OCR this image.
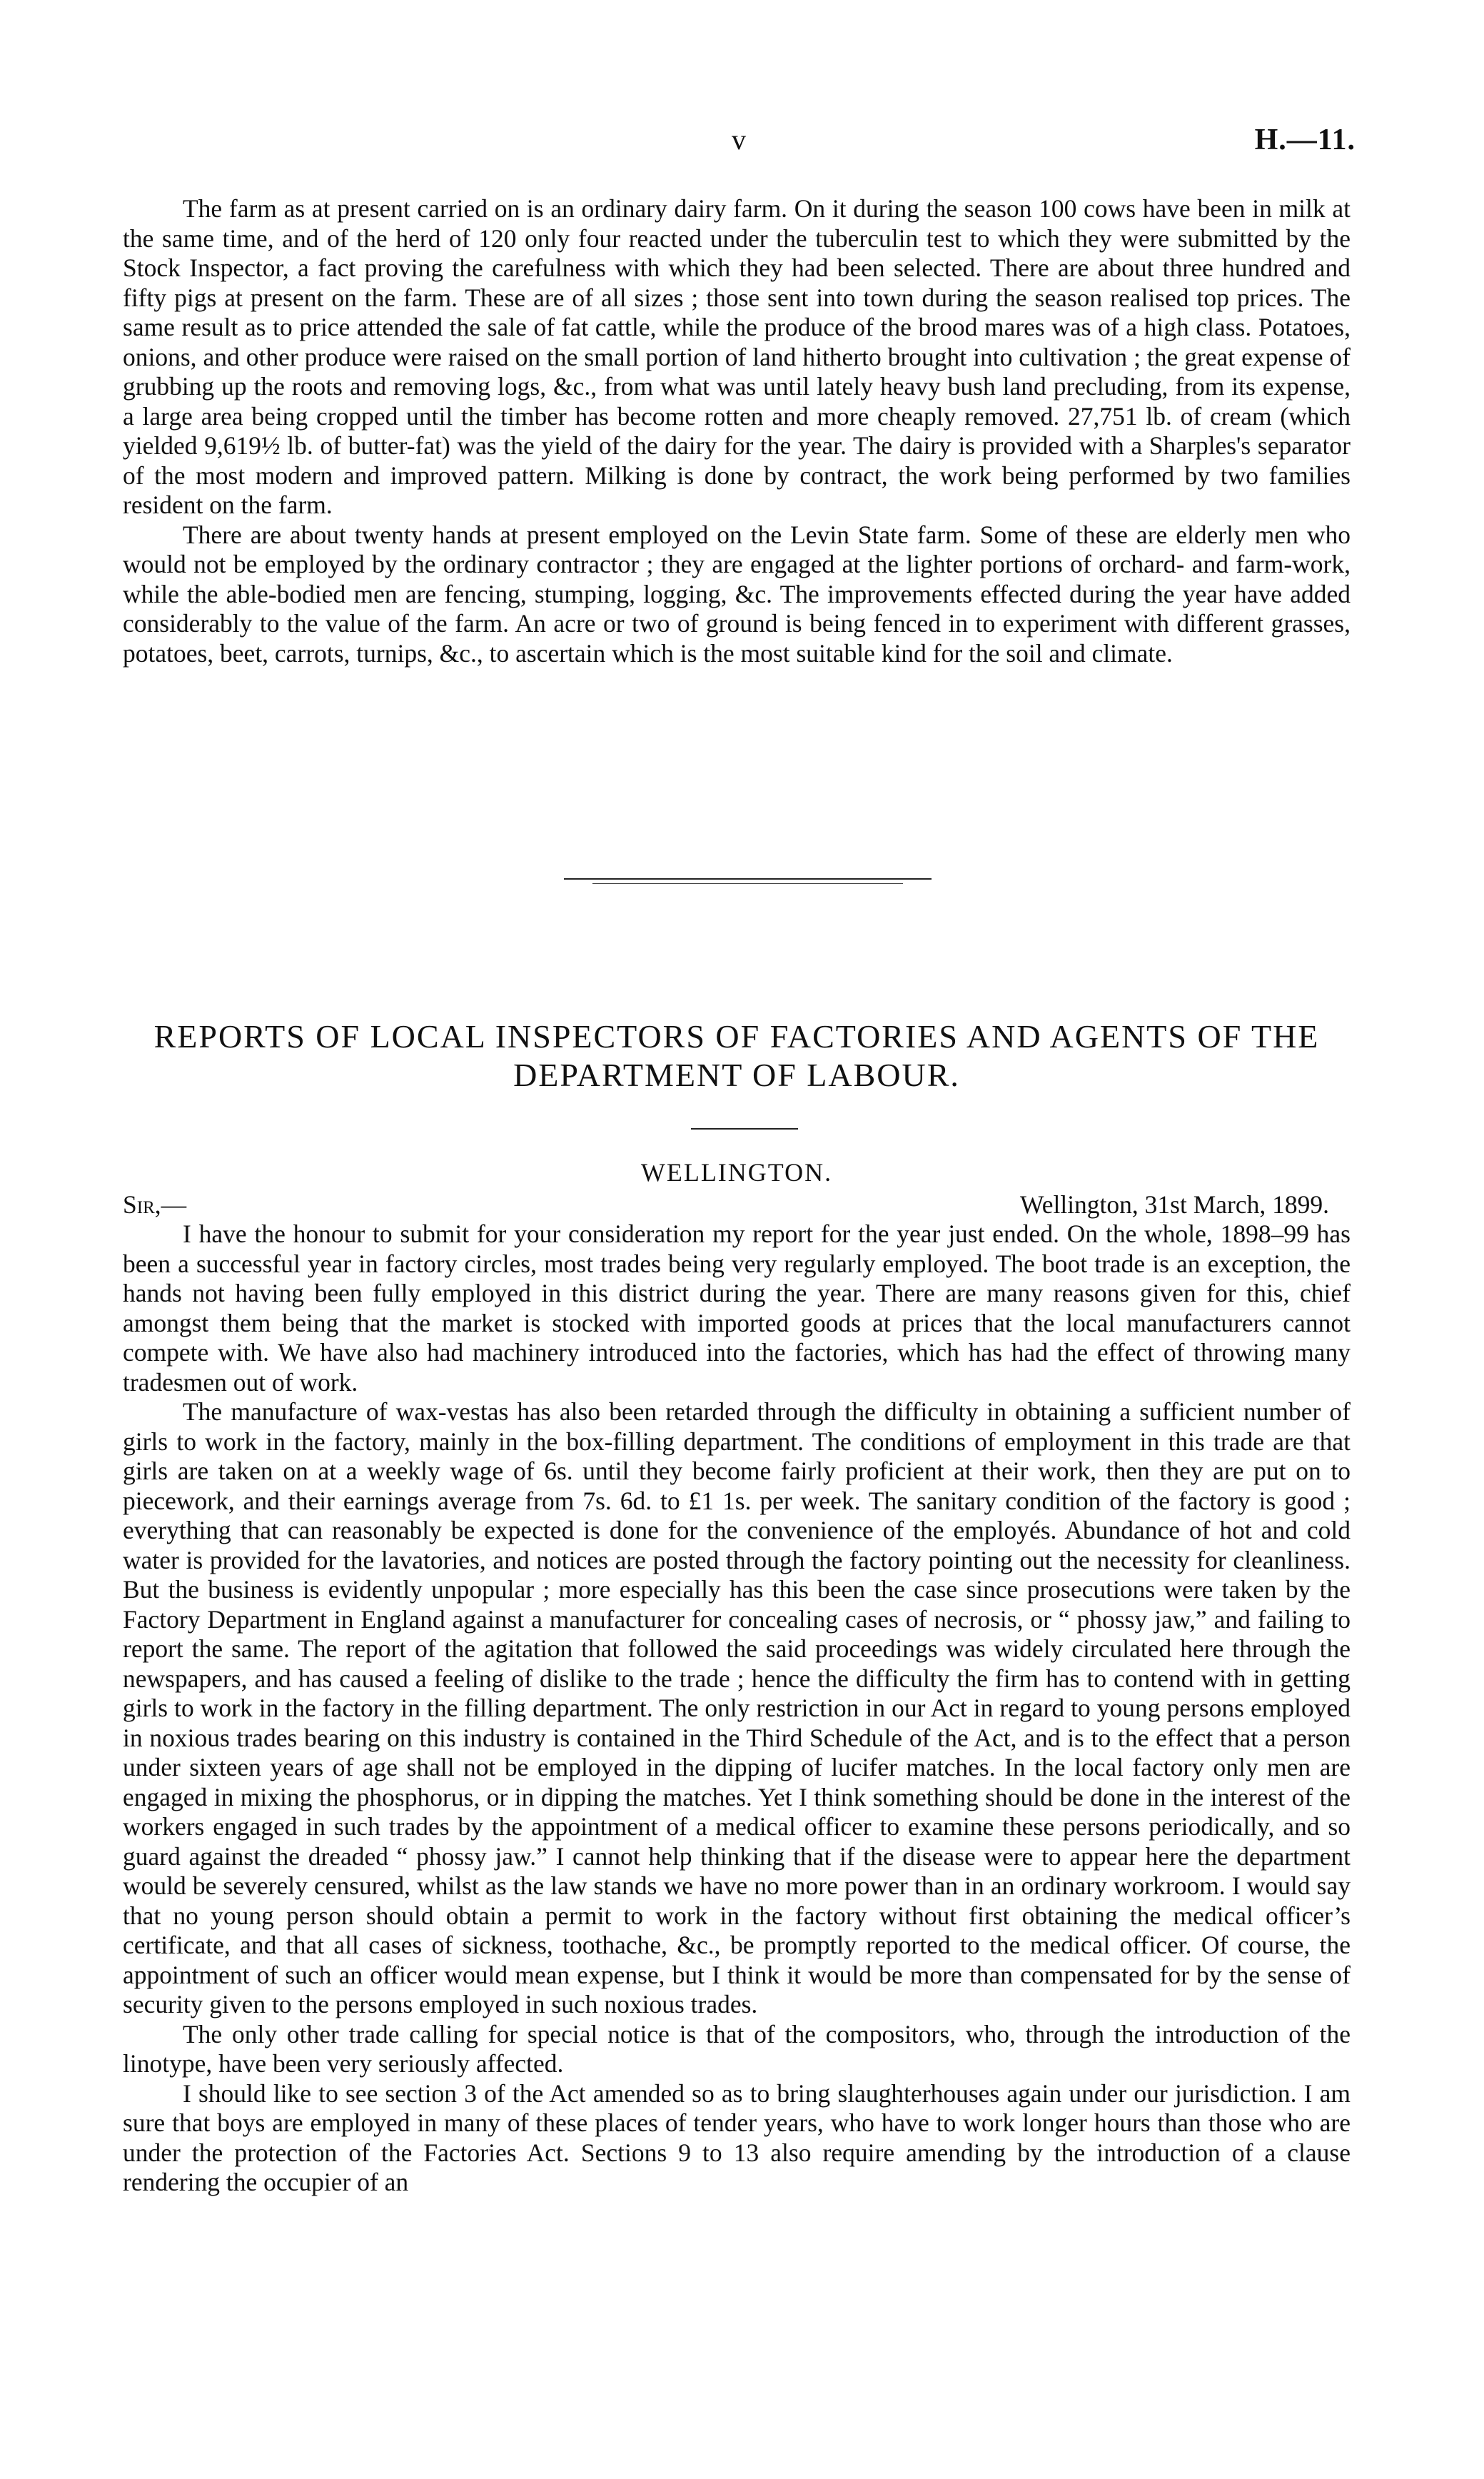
v	H.—11.

The farm as at present carried on is an ordinary dairy farm. On it during the season 100 cows have been in milk at the same time, and of the herd of 120 only four reacted under the tuberculin test to which they were submitted by the Stock Inspector, a fact proving the carefulness with which they had been selected. There are about three hundred and fifty pigs at present on the farm. These are of all sizes ; those sent into town during the season realised top prices. The same result as to price attended the sale of fat cattle, while the produce of the brood mares was of a high class. Potatoes, onions, and other produce were raised on the small portion of land hitherto brought into cultivation ; the great expense of grubbing up the roots and removing logs, &c., from what was until lately heavy bush land precluding, from its expense, a large area being cropped until the timber has become rotten and more cheaply removed. 27,751 lb. of cream (which yielded 9,619½ lb. of butter-fat) was the yield of the dairy for the year. The dairy is provided with a Sharples's separator of the most modern and improved pattern. Milking is done by contract, the work being performed by two families resident on the farm.

There are about twenty hands at present employed on the Levin State farm. Some of these are elderly men who would not be employed by the ordinary contractor ; they are engaged at the lighter portions of orchard- and farm-work, while the able-bodied men are fencing, stumping, logging, &c. The improvements effected during the year have added considerably to the value of the farm. An acre or two of ground is being fenced in to experiment with different grasses, potatoes, beet, carrots, turnips, &c., to ascertain which is the most suitable kind for the soil and climate.

REPORTS OF LOCAL INSPECTORS OF FACTORIES AND AGENTS OF THE DEPARTMENT OF LABOUR.
WELLINGTON.
Sir,—	Wellington, 31st March, 1899.

I have the honour to submit for your consideration my report for the year just ended. On the whole, 1898–99 has been a successful year in factory circles, most trades being very regularly employed. The boot trade is an exception, the hands not having been fully employed in this district during the year. There are many reasons given for this, chief amongst them being that the market is stocked with imported goods at prices that the local manufacturers cannot compete with. We have also had machinery introduced into the factories, which has had the effect of throwing many tradesmen out of work.

The manufacture of wax-vestas has also been retarded through the difficulty in obtaining a sufficient number of girls to work in the factory, mainly in the box-filling department. The conditions of employment in this trade are that girls are taken on at a weekly wage of 6s. until they become fairly proficient at their work, then they are put on to piecework, and their earnings average from 7s. 6d. to £1 1s. per week. The sanitary condition of the factory is good ; everything that can reasonably be expected is done for the convenience of the employés. Abundance of hot and cold water is provided for the lavatories, and notices are posted through the factory pointing out the necessity for cleanliness. But the business is evidently unpopular ; more especially has this been the case since prosecutions were taken by the Factory Department in England against a manufacturer for concealing cases of necrosis, or “ phossy jaw,” and failing to report the same. The report of the agitation that followed the said proceedings was widely circulated here through the newspapers, and has caused a feeling of dislike to the trade ; hence the difficulty the firm has to contend with in getting girls to work in the factory in the filling department. The only restriction in our Act in regard to young persons employed in noxious trades bearing on this industry is contained in the Third Schedule of the Act, and is to the effect that a person under sixteen years of age shall not be employed in the dipping of lucifer matches. In the local factory only men are engaged in mixing the phosphorus, or in dipping the matches. Yet I think something should be done in the interest of the workers engaged in such trades by the appointment of a medical officer to examine these persons periodically, and so guard against the dreaded “ phossy jaw.” I cannot help thinking that if the disease were to appear here the department would be severely censured, whilst as the law stands we have no more power than in an ordinary workroom. I would say that no young person should obtain a permit to work in the factory without first obtaining the medical officer’s certificate, and that all cases of sickness, toothache, &c., be promptly reported to the medical officer. Of course, the appointment of such an officer would mean expense, but I think it would be more than compensated for by the sense of security given to the persons employed in such noxious trades.

The only other trade calling for special notice is that of the compositors, who, through the introduction of the linotype, have been very seriously affected.

I should like to see section 3 of the Act amended so as to bring slaughterhouses again under our jurisdiction. I am sure that boys are employed in many of these places of tender years, who have to work longer hours than those who are under the protection of the Factories Act. Sections 9 to 13 also require amending by the introduction of a clause rendering the occupier of an
